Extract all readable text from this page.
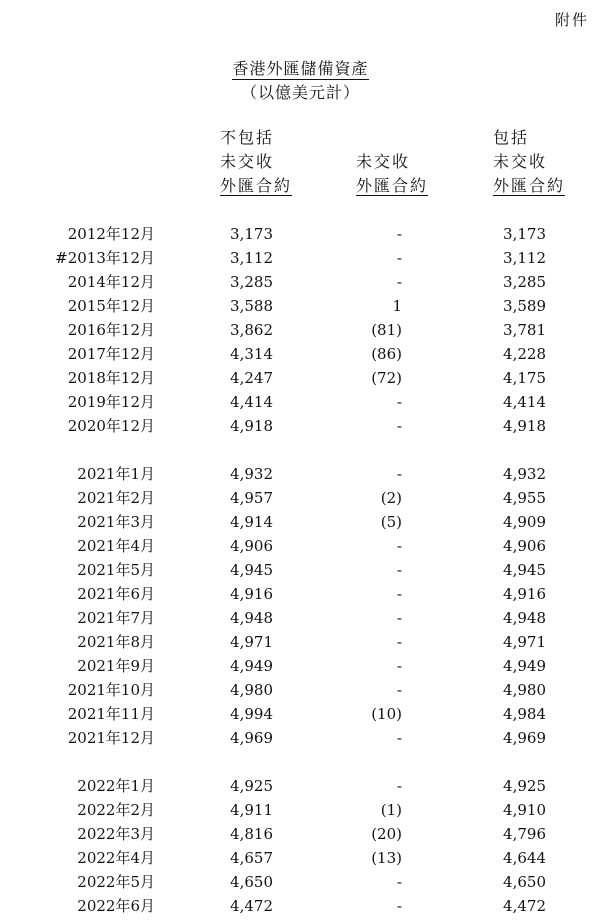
附件
香港外匯儲備資產
（以億美元計）
不包括
未交收
外匯合約
未交收
外匯合約
包括
未交收
外匯合約
2012年12月	3,173	-	3,173
#2013年12月	3,112	-	3,112
2014年12月	3,285	-	3,285
2015年12月	3,588	1	3,589
2016年12月	3,862	(81)	3,781
2017年12月	4,314	(86)	4,228
2018年12月	4,247	(72)	4,175
2019年12月	4,414	-	4,414
2020年12月	4,918	-	4,918
2021年1月	4,932	-	4,932
2021年2月	4,957	(2)	4,955
2021年3月	4,914	(5)	4,909
2021年4月	4,906	-	4,906
2021年5月	4,945	-	4,945
2021年6月	4,916	-	4,916
2021年7月	4,948	-	4,948
2021年8月	4,971	-	4,971
2021年9月	4,949	-	4,949
2021年10月	4,980	-	4,980
2021年11月	4,994	(10)	4,984
2021年12月	4,969	-	4,969
2022年1月	4,925	-	4,925
2022年2月	4,911	(1)	4,910
2022年3月	4,816	(20)	4,796
2022年4月	4,657	(13)	4,644
2022年5月	4,650	-	4,650
2022年6月	4,472	-	4,472
